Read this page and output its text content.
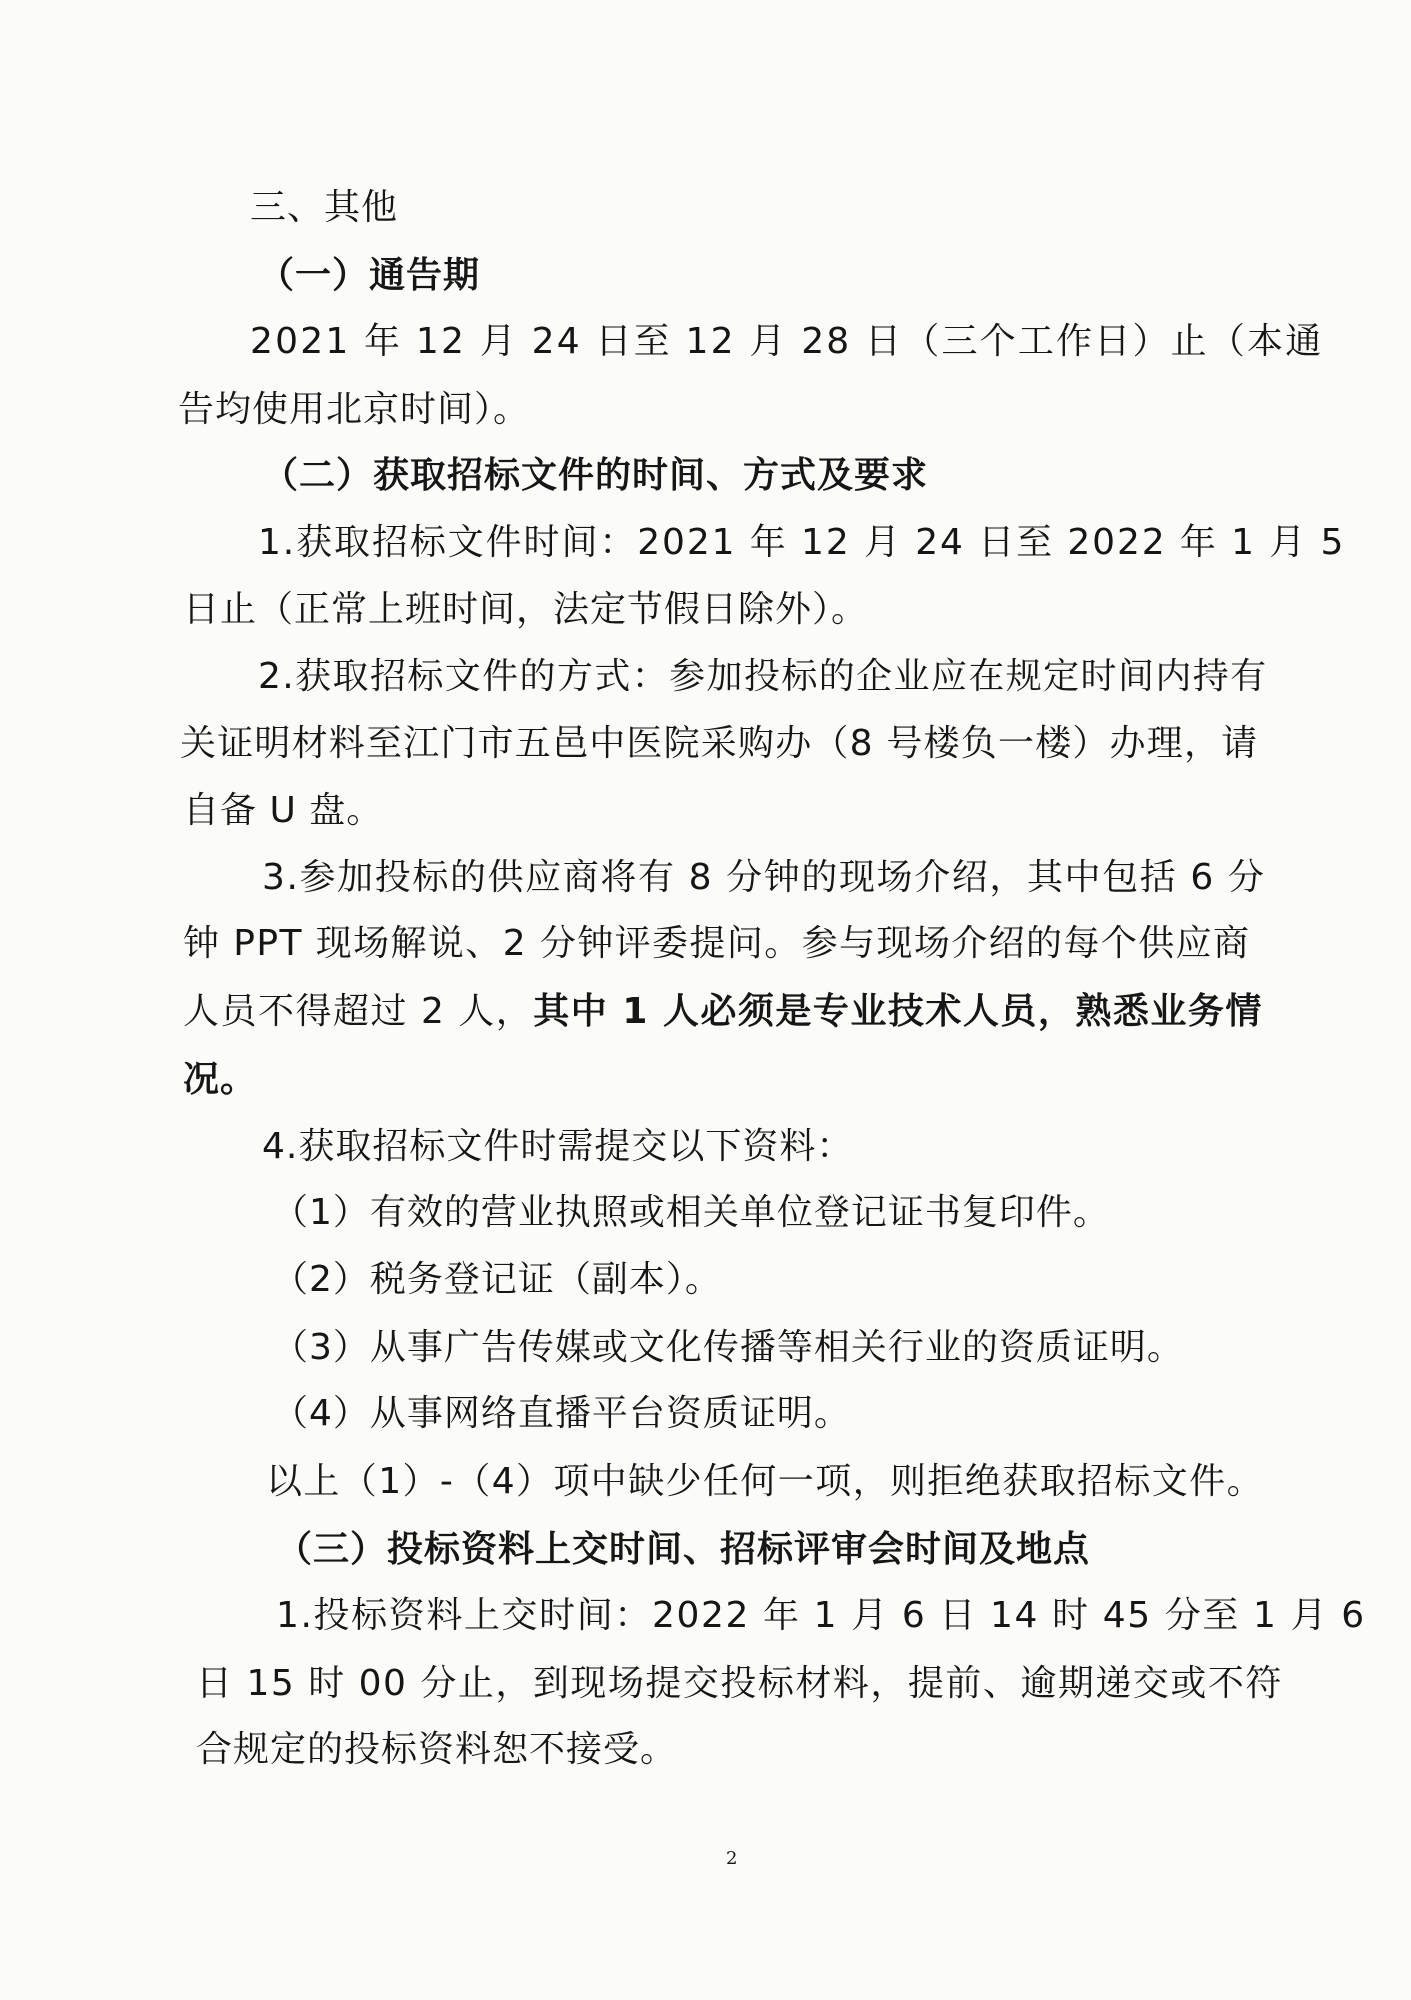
三、其他
（一）通告期
2021 年 12 月 24 日至 12 月 28 日（三个工作日）止（本通
告均使用北京时间）。
（二）获取招标文件的时间、方式及要求
1.获取招标文件时间：2021 年 12 月 24 日至 2022 年 1 月 5
日止（正常上班时间，法定节假日除外）。
2.获取招标文件的方式：参加投标的企业应在规定时间内持有
关证明材料至江门市五邑中医院采购办（8 号楼负一楼）办理，请
自备 U 盘。
3.参加投标的供应商将有 8 分钟的现场介绍，其中包括 6 分
钟 PPT 现场解说、2 分钟评委提问。参与现场介绍的每个供应商
人员不得超过 2 人，其中 1 人必须是专业技术人员，熟悉业务情
况。
4.获取招标文件时需提交以下资料：
（1）有效的营业执照或相关单位登记证书复印件。
（2）税务登记证（副本）。
（3）从事广告传媒或文化传播等相关行业的资质证明。
（4）从事网络直播平台资质证明。
以上（1）-（4）项中缺少任何一项，则拒绝获取招标文件。
（三）投标资料上交时间、招标评审会时间及地点
1.投标资料上交时间：2022 年 1 月 6 日 14 时 45 分至 1 月 6
日 15 时 00 分止，到现场提交投标材料，提前、逾期递交或不符
合规定的投标资料恕不接受。
2
